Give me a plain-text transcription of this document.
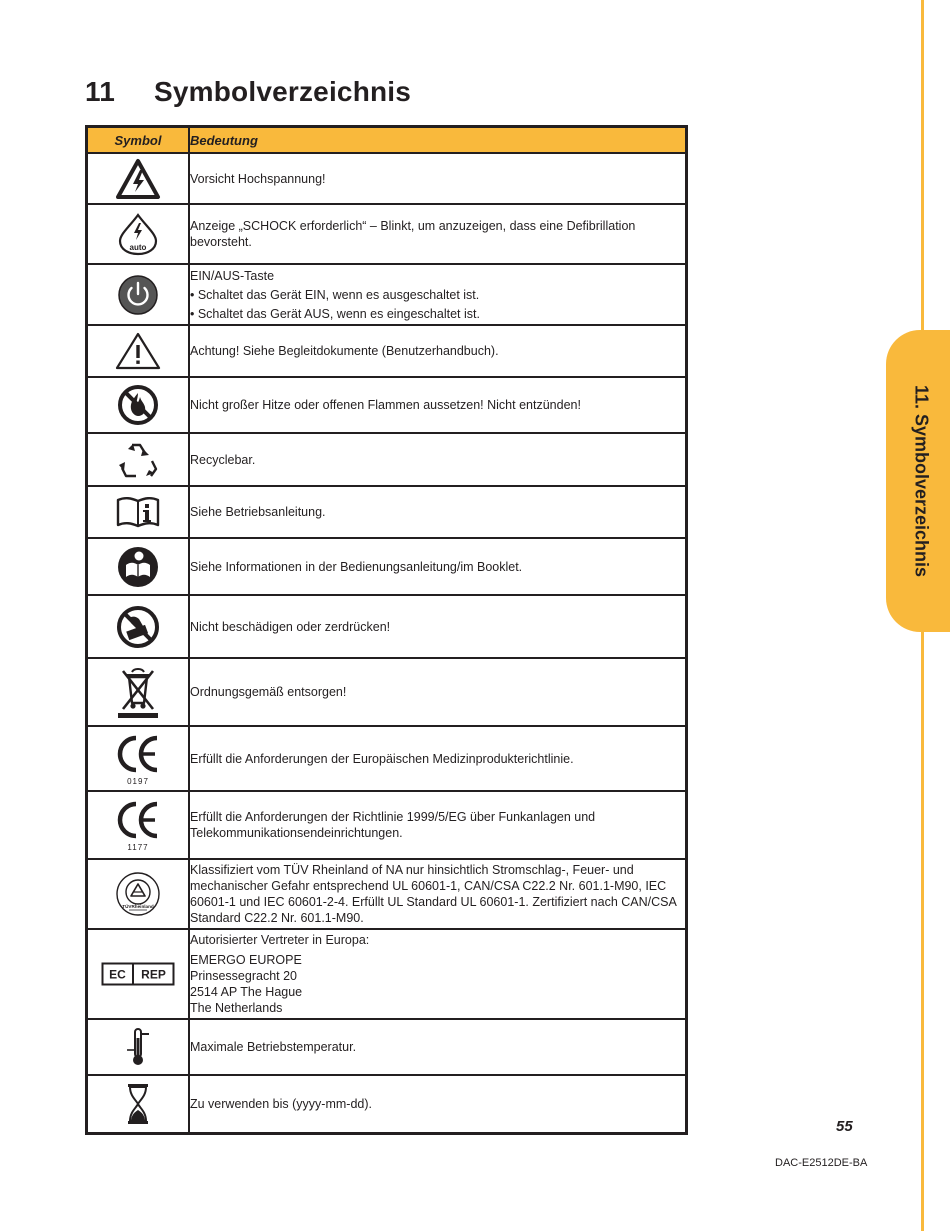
11. Symbolverzeichnis
11 Symbolverzeichnis
Symbol	Bedeutung

Vorsicht Hochspannung!

auto	Anzeige „SCHOCK erforderlich“ – Blinkt, um anzuzeigen, dass eine Defibrillation bevorsteht.

EIN/AUS-Taste
• Schaltet das Gerät EIN, wenn es ausgeschaltet ist.
• Schaltet das Gerät AUS, wenn es eingeschaltet ist.

Achtung! Siehe Begleitdokumente (Benutzerhandbuch).

Nicht großer Hitze oder offenen Flammen aussetzen! Nicht entzünden!

Recyclebar.

Siehe Betriebsanleitung.

Siehe Informationen in der Bedienungsanleitung/im Booklet.

Nicht beschädigen oder zerdrücken!

Ordnungsgemäß entsorgen!

0197	Erfüllt die Anforderungen der Europäischen Medizinprodukterichtlinie.

1177	Erfüllt die Anforderungen der Richtlinie 1999/5/EG über Funkanlagen und Telekommunikationsendeinrichtungen.

TÜVRheinland	Klassifiziert vom TÜV Rheinland of NA nur hinsichtlich Stromschlag-, Feuer- und mechanischer Gefahr entsprechend UL 60601-1, CAN/CSA C22.2 Nr. 601.1-M90, IEC 60601-1 und IEC 60601-2-4. Erfüllt UL Standard UL 60601-1. Zertifiziert nach CAN/CSA Standard C22.2 Nr. 601.1-M90.

EC REP	Autorisierter Vertreter in Europa:
EMERGO EUROPE
Prinsessegracht 20
2514 AP The Hague
The Netherlands

Maximale Betriebstemperatur.

Zu verwenden bis (yyyy-mm-dd).
55
DAC-E2512DE-BA
